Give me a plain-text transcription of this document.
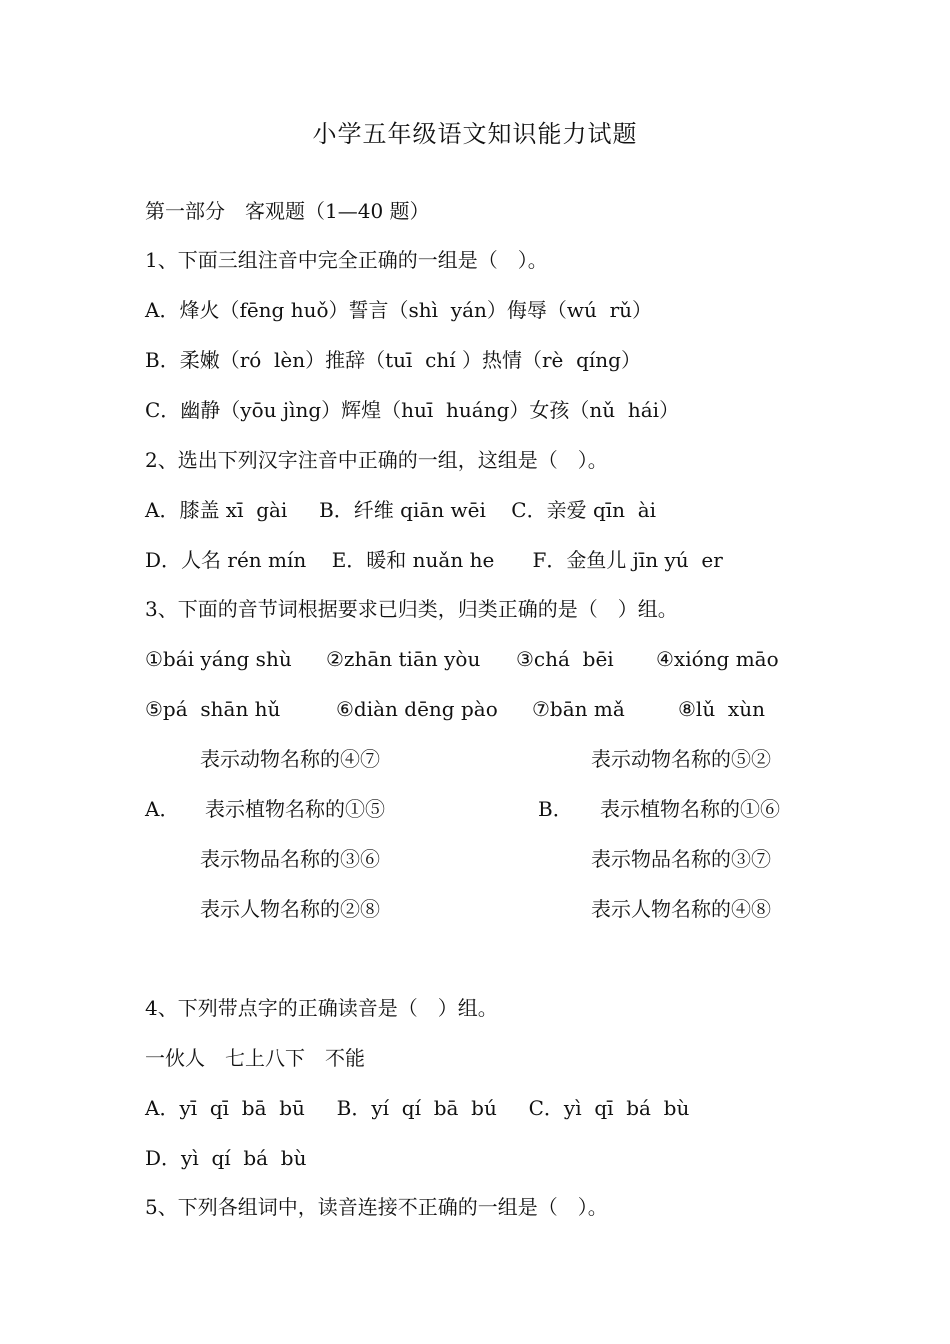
小学五年级语文知识能力试题
第一部分　客观题（1—40 题）
1、下面三组注音中完全正确的一组是（　）。
A．烽火（fēng huǒ）誓言（shì  yán）侮辱（wú  rǔ）
B．柔嫩（ró  lèn）推辞（tuī  chí ）热情（rè  qíng）
C．幽静（yōu jìng）辉煌（huī  huáng）女孩（nǔ  hái）
2、选出下列汉字注音中正确的一组，这组是（　）。
A．膝盖 xī  gài     B．纤维 qiān wēi    C．亲爱 qīn  ài
D．人名 rén mín    E．暖和 nuǎn he      F．金鱼儿 jīn yú  er
3、下面的音节词根据要求已归类，归类正确的是（　）组。
①bái yáng shù ②zhān tiān yòu ③chá  bēi ④xióng māo
⑤pá  shān hǔ	⑥diàn dēng pào ⑦bān mǎ	⑧lǔ  xùn
A．
表示动物名称的④⑦
表示植物名称的①⑤
表示物品名称的③⑥
表示人物名称的②⑧
B．
表示动物名称的⑤②
表示植物名称的①⑥
表示物品名称的③⑦
表示人物名称的④⑧
4、下列带点字的正确读音是（　）组。
一伙人　七上八下　不能
A．yī  qī  bā  bū     B．yí  qí  bā  bú     C．yì  qī  bá  bù
D．yì  qí  bá  bù
5、下列各组词中，读音连接不正确的一组是（　）。
